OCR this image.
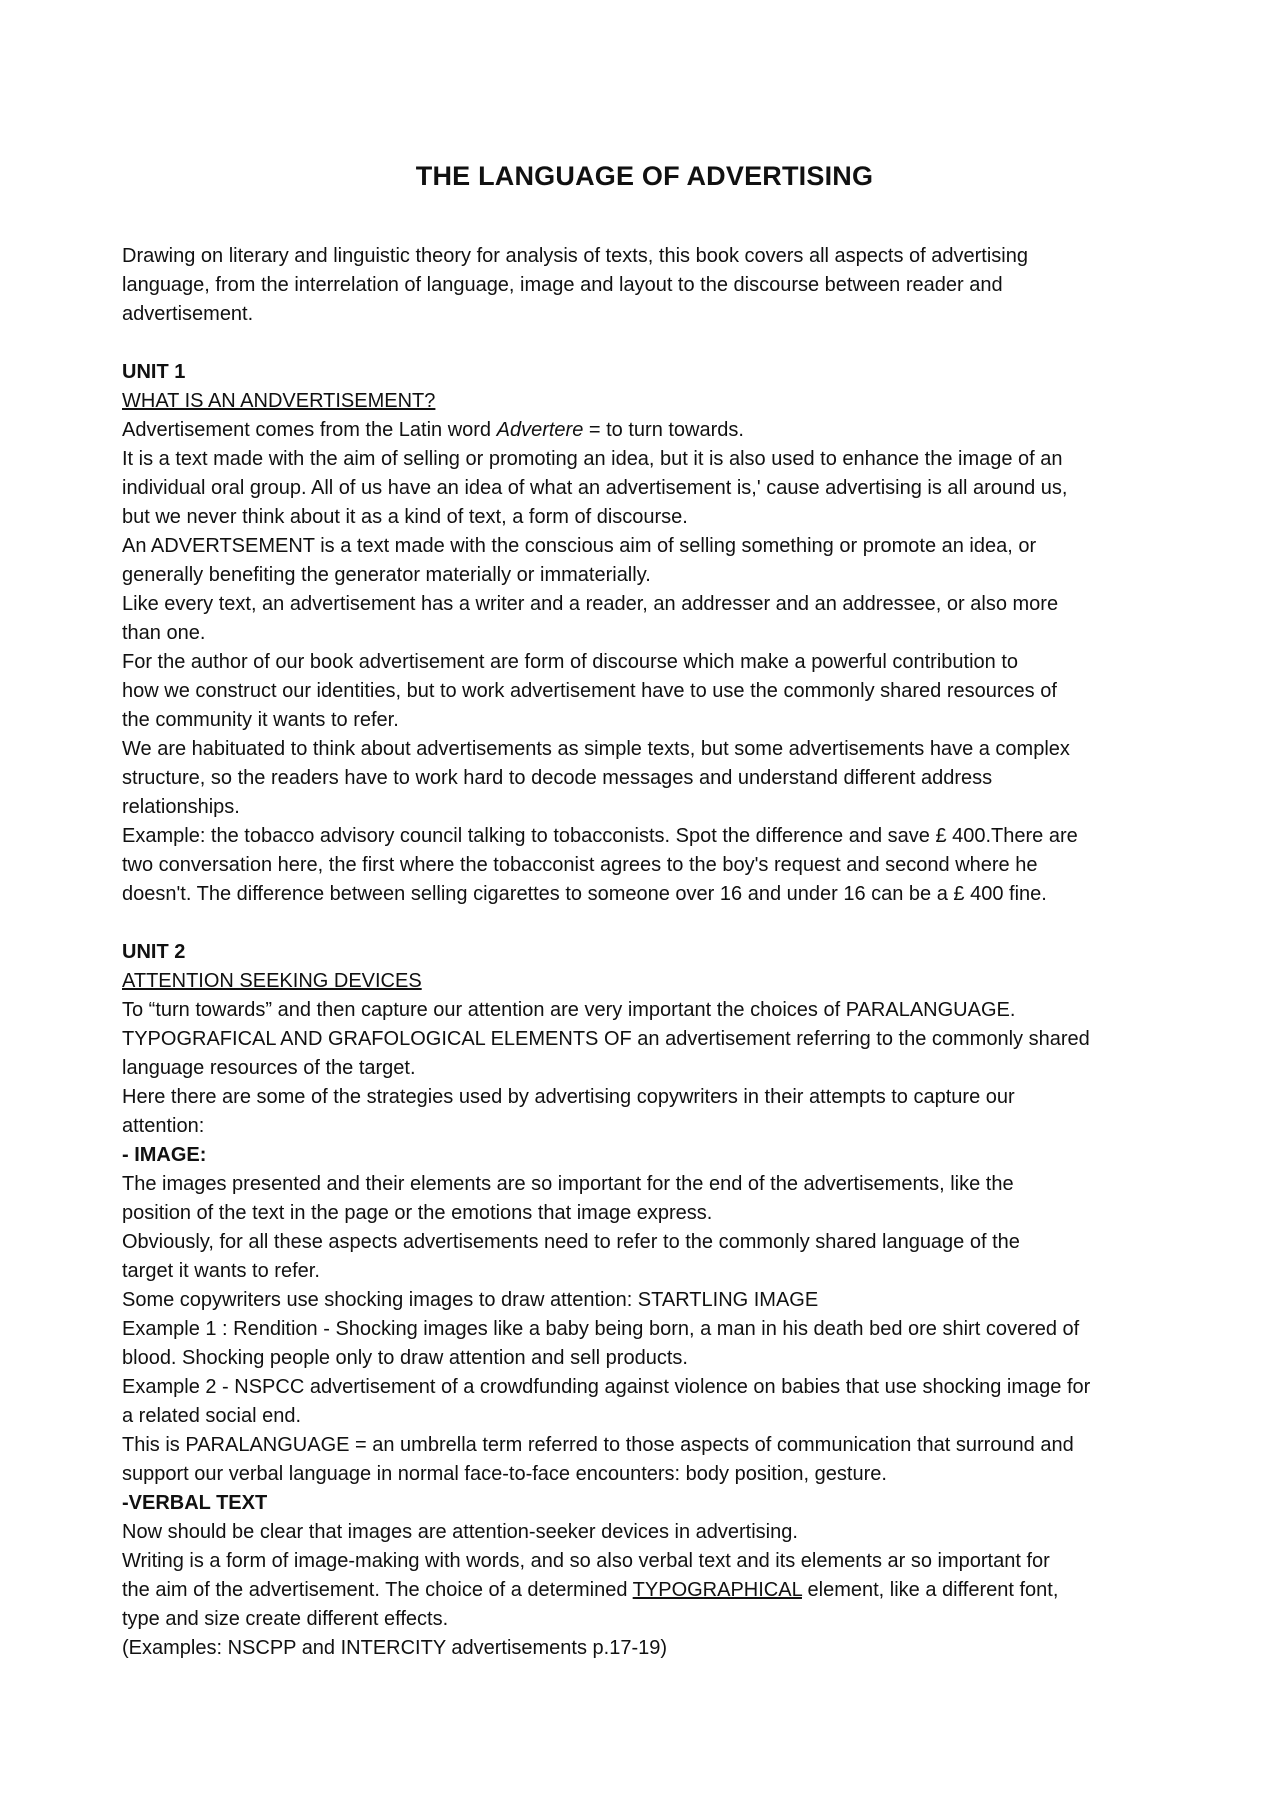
THE LANGUAGE OF ADVERTISING
Drawing on literary and linguistic theory for analysis of texts, this book covers all aspects of advertising
language, from the interrelation of language, image and layout to the discourse between reader and
advertisement.
UNIT 1
WHAT IS AN ANDVERTISEMENT?
Advertisement comes from the Latin word Advertere = to turn towards.
It is a text made with the aim of selling or promoting an idea, but it is also used to enhance the image of an
individual oral group. All of us have an idea of what an advertisement is,' cause advertising is all around us,
but we never think about it as a kind of text, a form of discourse.
An ADVERTSEMENT is a text made with the conscious aim of selling something or promote an idea, or
generally benefiting the generator materially or immaterially.
Like every text, an advertisement has a writer and a reader, an addresser and an addressee, or also more
than one.
For the author of our book advertisement are form of discourse which make a powerful contribution to
how we construct our identities, but to work advertisement have to use the commonly shared resources of
the community it wants to refer.
We are habituated to think about advertisements as simple texts, but some advertisements have a complex
structure, so the readers have to work hard to decode messages and understand different address
relationships.
Example: the tobacco advisory council talking to tobacconists. Spot the difference and save £ 400.There are
two conversation here, the first where the tobacconist agrees to the boy's request and second where he
doesn't. The difference between selling cigarettes to someone over 16 and under 16 can be a £ 400 fine.
UNIT 2
ATTENTION SEEKING DEVICES
To “turn towards” and then capture our attention are very important the choices of PARALANGUAGE.
TYPOGRAFICAL AND GRAFOLOGICAL ELEMENTS OF an advertisement referring to the commonly shared
language resources of the target.
Here there are some of the strategies used by advertising copywriters in their attempts to capture our
attention:
- IMAGE:
The images presented and their elements are so important for the end of the advertisements, like the
position of the text in the page or the emotions that image express.
Obviously, for all these aspects advertisements need to refer to the commonly shared language of the
target it wants to refer.
Some copywriters use shocking images to draw attention: STARTLING IMAGE
Example 1 : Rendition - Shocking images like a baby being born, a man in his death bed ore shirt covered of
blood. Shocking people only to draw attention and sell products.
Example 2 - NSPCC advertisement of a crowdfunding against violence on babies that use shocking image for
a related social end.
This is PARALANGUAGE = an umbrella term referred to those aspects of communication that surround and
support our verbal language in normal face-to-face encounters: body position, gesture.
-VERBAL TEXT
Now should be clear that images are attention-seeker devices in advertising.
Writing is a form of image-making with words, and so also verbal text and its elements ar so important for
the aim of the advertisement. The choice of a determined TYPOGRAPHICAL element, like a different font,
type and size create different effects.
(Examples: NSCPP and INTERCITY advertisements p.17-19)
